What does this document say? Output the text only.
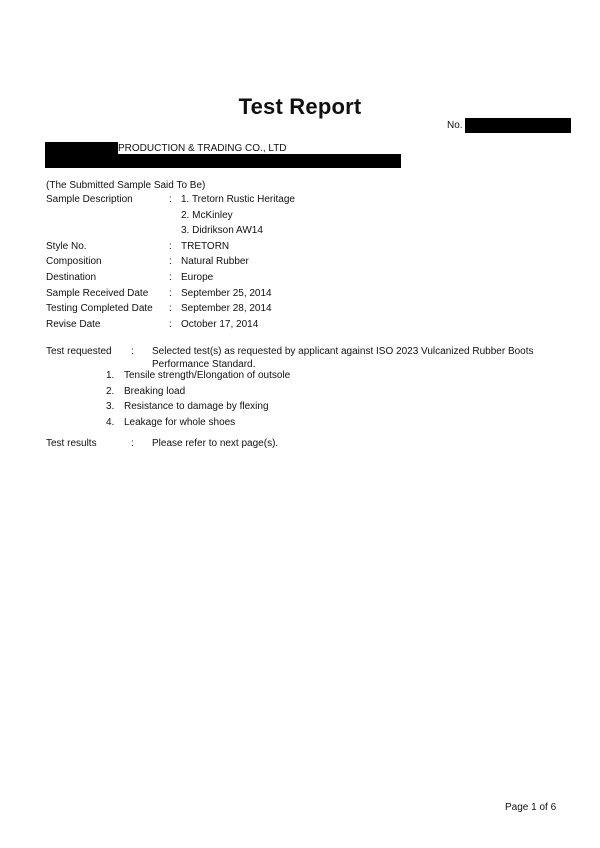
Test Report
No.
PRODUCTION & TRADING CO., LTD
(The Submitted Sample Said To Be)
Sample Description	: 1. Tretorn Rustic Heritage
2. McKinley
3. Didrikson AW14
Style No.	: TRETORN
Composition	: Natural Rubber
Destination	: Europe
Sample Received Date : September 25, 2014
Testing Completed Date : September 28, 2014
Revise Date	: October 17, 2014
Test requested : Selected test(s) as requested by applicant against ISO 2023 Vulcanized Rubber Boots Performance Standard.
1. Tensile strength/Elongation of outsole
2. Breaking load
3. Resistance to damage by flexing
4. Leakage for whole shoes
Test results	: Please refer to next page(s).
Page 1 of 6
